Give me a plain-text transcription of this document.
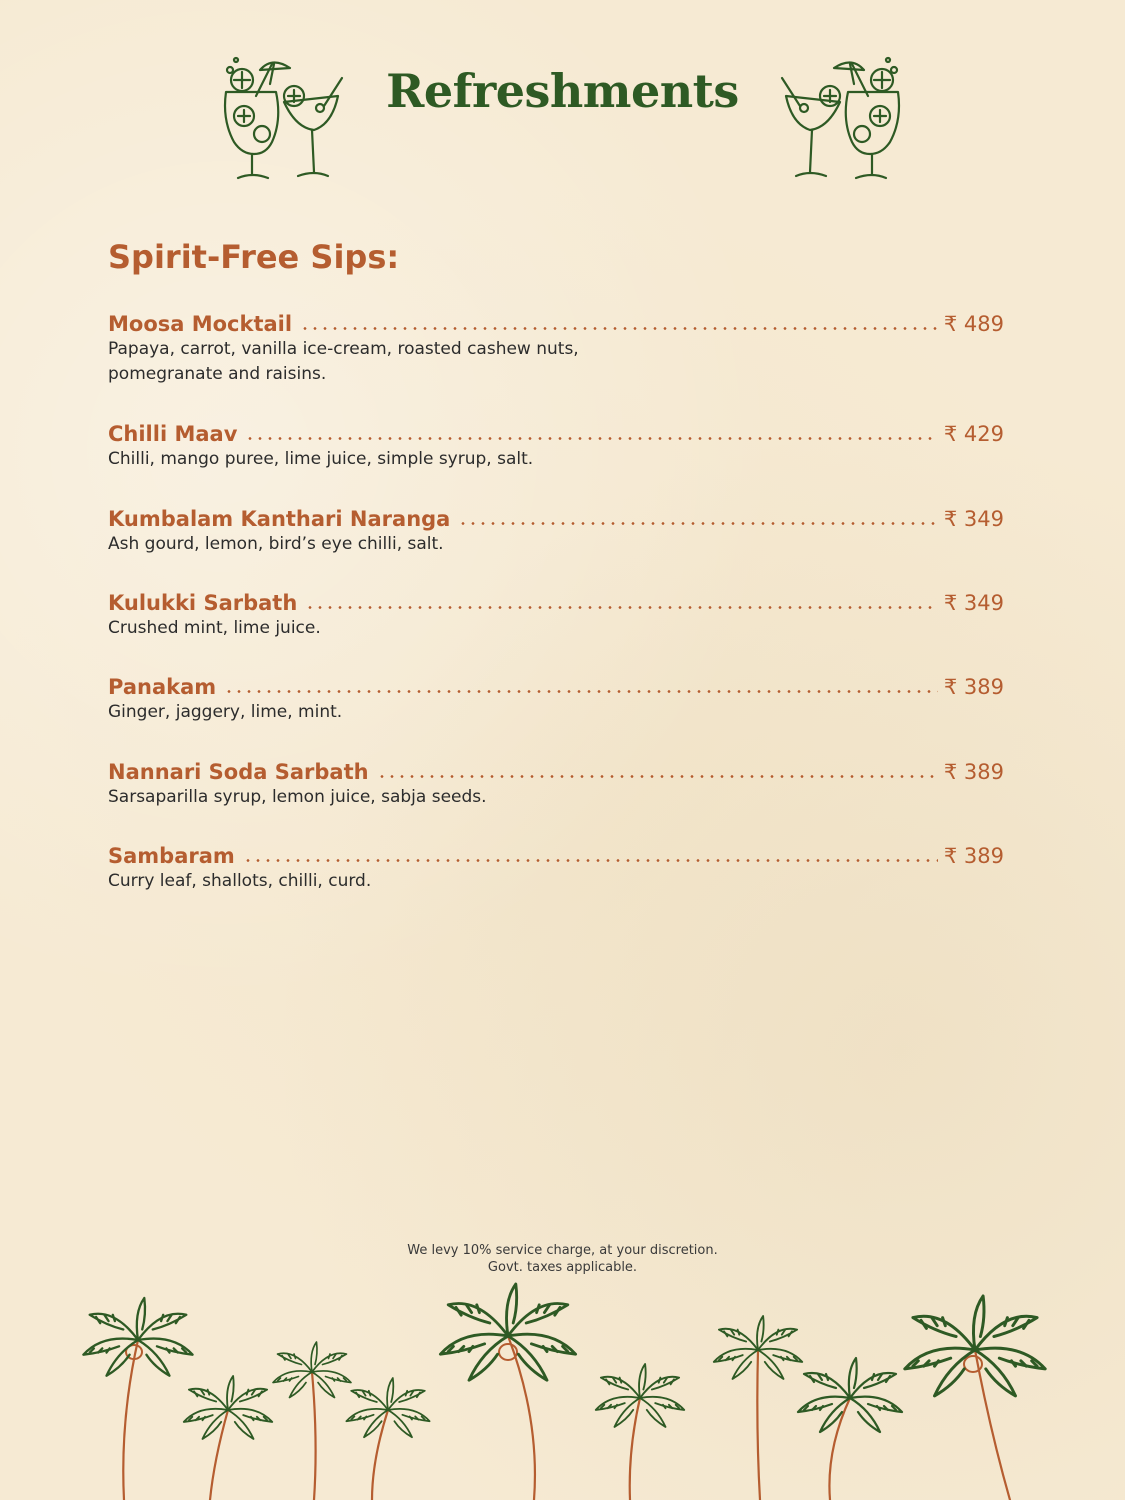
Refreshments
Spirit-Free Sips:
Moosa Mocktail	₹ 489
Papaya, carrot, vanilla ice-cream, roasted cashew nuts, pomegranate and raisins.
Chilli Maav	₹ 429
Chilli, mango puree, lime juice, simple syrup, salt.
Kumbalam Kanthari Naranga	₹ 349
Ash gourd, lemon, bird’s eye chilli, salt.
Kulukki Sarbath	₹ 349
Crushed mint, lime juice.
Panakam	₹ 389
Ginger, jaggery, lime, mint.
Nannari Soda Sarbath	₹ 389
Sarsaparilla syrup, lemon juice, sabja seeds.
Sambaram	₹ 389
Curry leaf, shallots, chilli, curd.
We levy 10% service charge, at your discretion.
Govt. taxes applicable.
